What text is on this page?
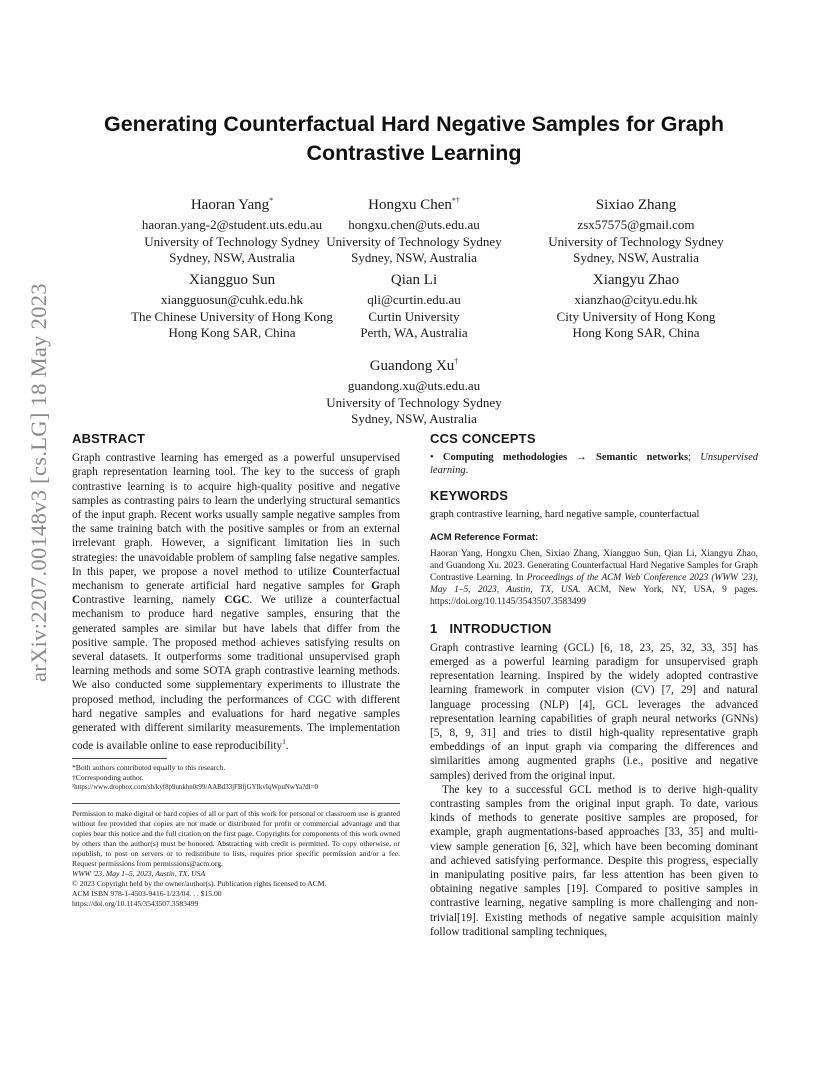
arXiv:2207.00148v3 [cs.LG] 18 May 2023
Generating Counterfactual Hard Negative Samples for Graph
Contrastive Learning
Haoran Yang*
haoran.yang-2@student.uts.edu.au
University of Technology Sydney
Sydney, NSW, Australia
Hongxu Chen*†
hongxu.chen@uts.edu.au
University of Technology Sydney
Sydney, NSW, Australia
Sixiao Zhang
zsx57575@gmail.com
University of Technology Sydney
Sydney, NSW, Australia
Xiangguo Sun
xiangguosun@cuhk.edu.hk
The Chinese University of Hong Kong
Hong Kong SAR, China
Qian Li
qli@curtin.edu.au
Curtin University
Perth, WA, Australia
Xiangyu Zhao
xianzhao@cityu.edu.hk
City University of Hong Kong
Hong Kong SAR, China
Guandong Xu†
guandong.xu@uts.edu.au
University of Technology Sydney
Sydney, NSW, Australia
ABSTRACT

Graph contrastive learning has emerged as a powerful unsupervised graph representation learning tool. The key to the success of graph contrastive learning is to acquire high-quality positive and negative samples as contrasting pairs to learn the underlying structural semantics of the input graph. Recent works usually sample negative samples from the same training batch with the positive samples or from an external irrelevant graph. However, a significant limitation lies in such strategies: the unavoidable problem of sampling false negative samples. In this paper, we propose a novel method to utilize Counterfactual mechanism to generate artificial hard negative samples for Graph Contrastive learning, namely CGC. We utilize a counterfactual mechanism to produce hard negative samples, ensuring that the generated samples are similar but have labels that differ from the positive sample. The proposed method achieves satisfying results on several datasets. It outperforms some traditional unsupervised graph learning methods and some SOTA graph contrastive learning methods. We also conducted some supplementary experiments to illustrate the proposed method, including the performances of CGC with different hard negative samples and evaluations for hard negative samples generated with different similarity measurements. The implementation code is available online to ease reproducibility$^1$.

*Both authors contributed equally to this research.
†Corresponding author.
¹https://www.dropbox.com/sh/kyf8p9unkhn0r99/AABd33jFBfjGYIkvIqWpuNwYa?dl=0

Permission to make digital or hard copies of all or part of this work for personal or classroom use is granted without fee provided that copies are not made or distributed for profit or commercial advantage and that copies bear this notice and the full citation on the first page. Copyrights for components of this work owned by others than the author(s) must be honored. Abstracting with credit is permitted. To copy otherwise, or republish, to post on servers or to redistribute to lists, requires prior specific permission and/or a fee. Request permissions from permissions@acm.org.

WWW '23, May 1–5, 2023, Austin, TX, USA
© 2023 Copyright held by the owner/author(s). Publication rights licensed to ACM.
ACM ISBN 978-1-4503-9416-1/23/04. . . $15.00
https://doi.org/10.1145/3543507.3583499
CCS CONCEPTS

• Computing methodologies → Semantic networks; Unsupervised learning.

KEYWORDS

graph contrastive learning, hard negative sample, counterfactual

ACM Reference Format:

Haoran Yang, Hongxu Chen, Sixiao Zhang, Xiangguo Sun, Qian Li, Xiangyu Zhao, and Guandong Xu. 2023. Generating Counterfactual Hard Negative Samples for Graph Contrastive Learning. In Proceedings of the ACM Web Conference 2023 (WWW '23), May 1–5, 2023, Austin, TX, USA. ACM, New York, NY, USA, 9 pages. https://doi.org/10.1145/3543507.3583499

1 INTRODUCTION

Graph contrastive learning (GCL) [6, 18, 23, 25, 32, 33, 35] has emerged as a powerful learning paradigm for unsupervised graph representation learning. Inspired by the widely adopted contrastive learning framework in computer vision (CV) [7, 29] and natural language processing (NLP) [4], GCL leverages the advanced representation learning capabilities of graph neural networks (GNNs) [5, 8, 9, 31] and tries to distil high-quality representative graph embeddings of an input graph via comparing the differences and similarities among augmented graphs (i.e., positive and negative samples) derived from the original input.

The key to a successful GCL method is to derive high-quality contrasting samples from the original input graph. To date, various kinds of methods to generate positive samples are proposed, for example, graph augmentations-based approaches [33, 35] and multi-view sample generation [6, 32], which have been becoming dominant and achieved satisfying performance. Despite this progress, especially in manipulating positive pairs, far less attention has been given to obtaining negative samples [19]. Compared to positive samples in contrastive learning, negative sampling is more challenging and non-trivial[19]. Existing methods of negative sample acquisition mainly follow traditional sampling techniques,
